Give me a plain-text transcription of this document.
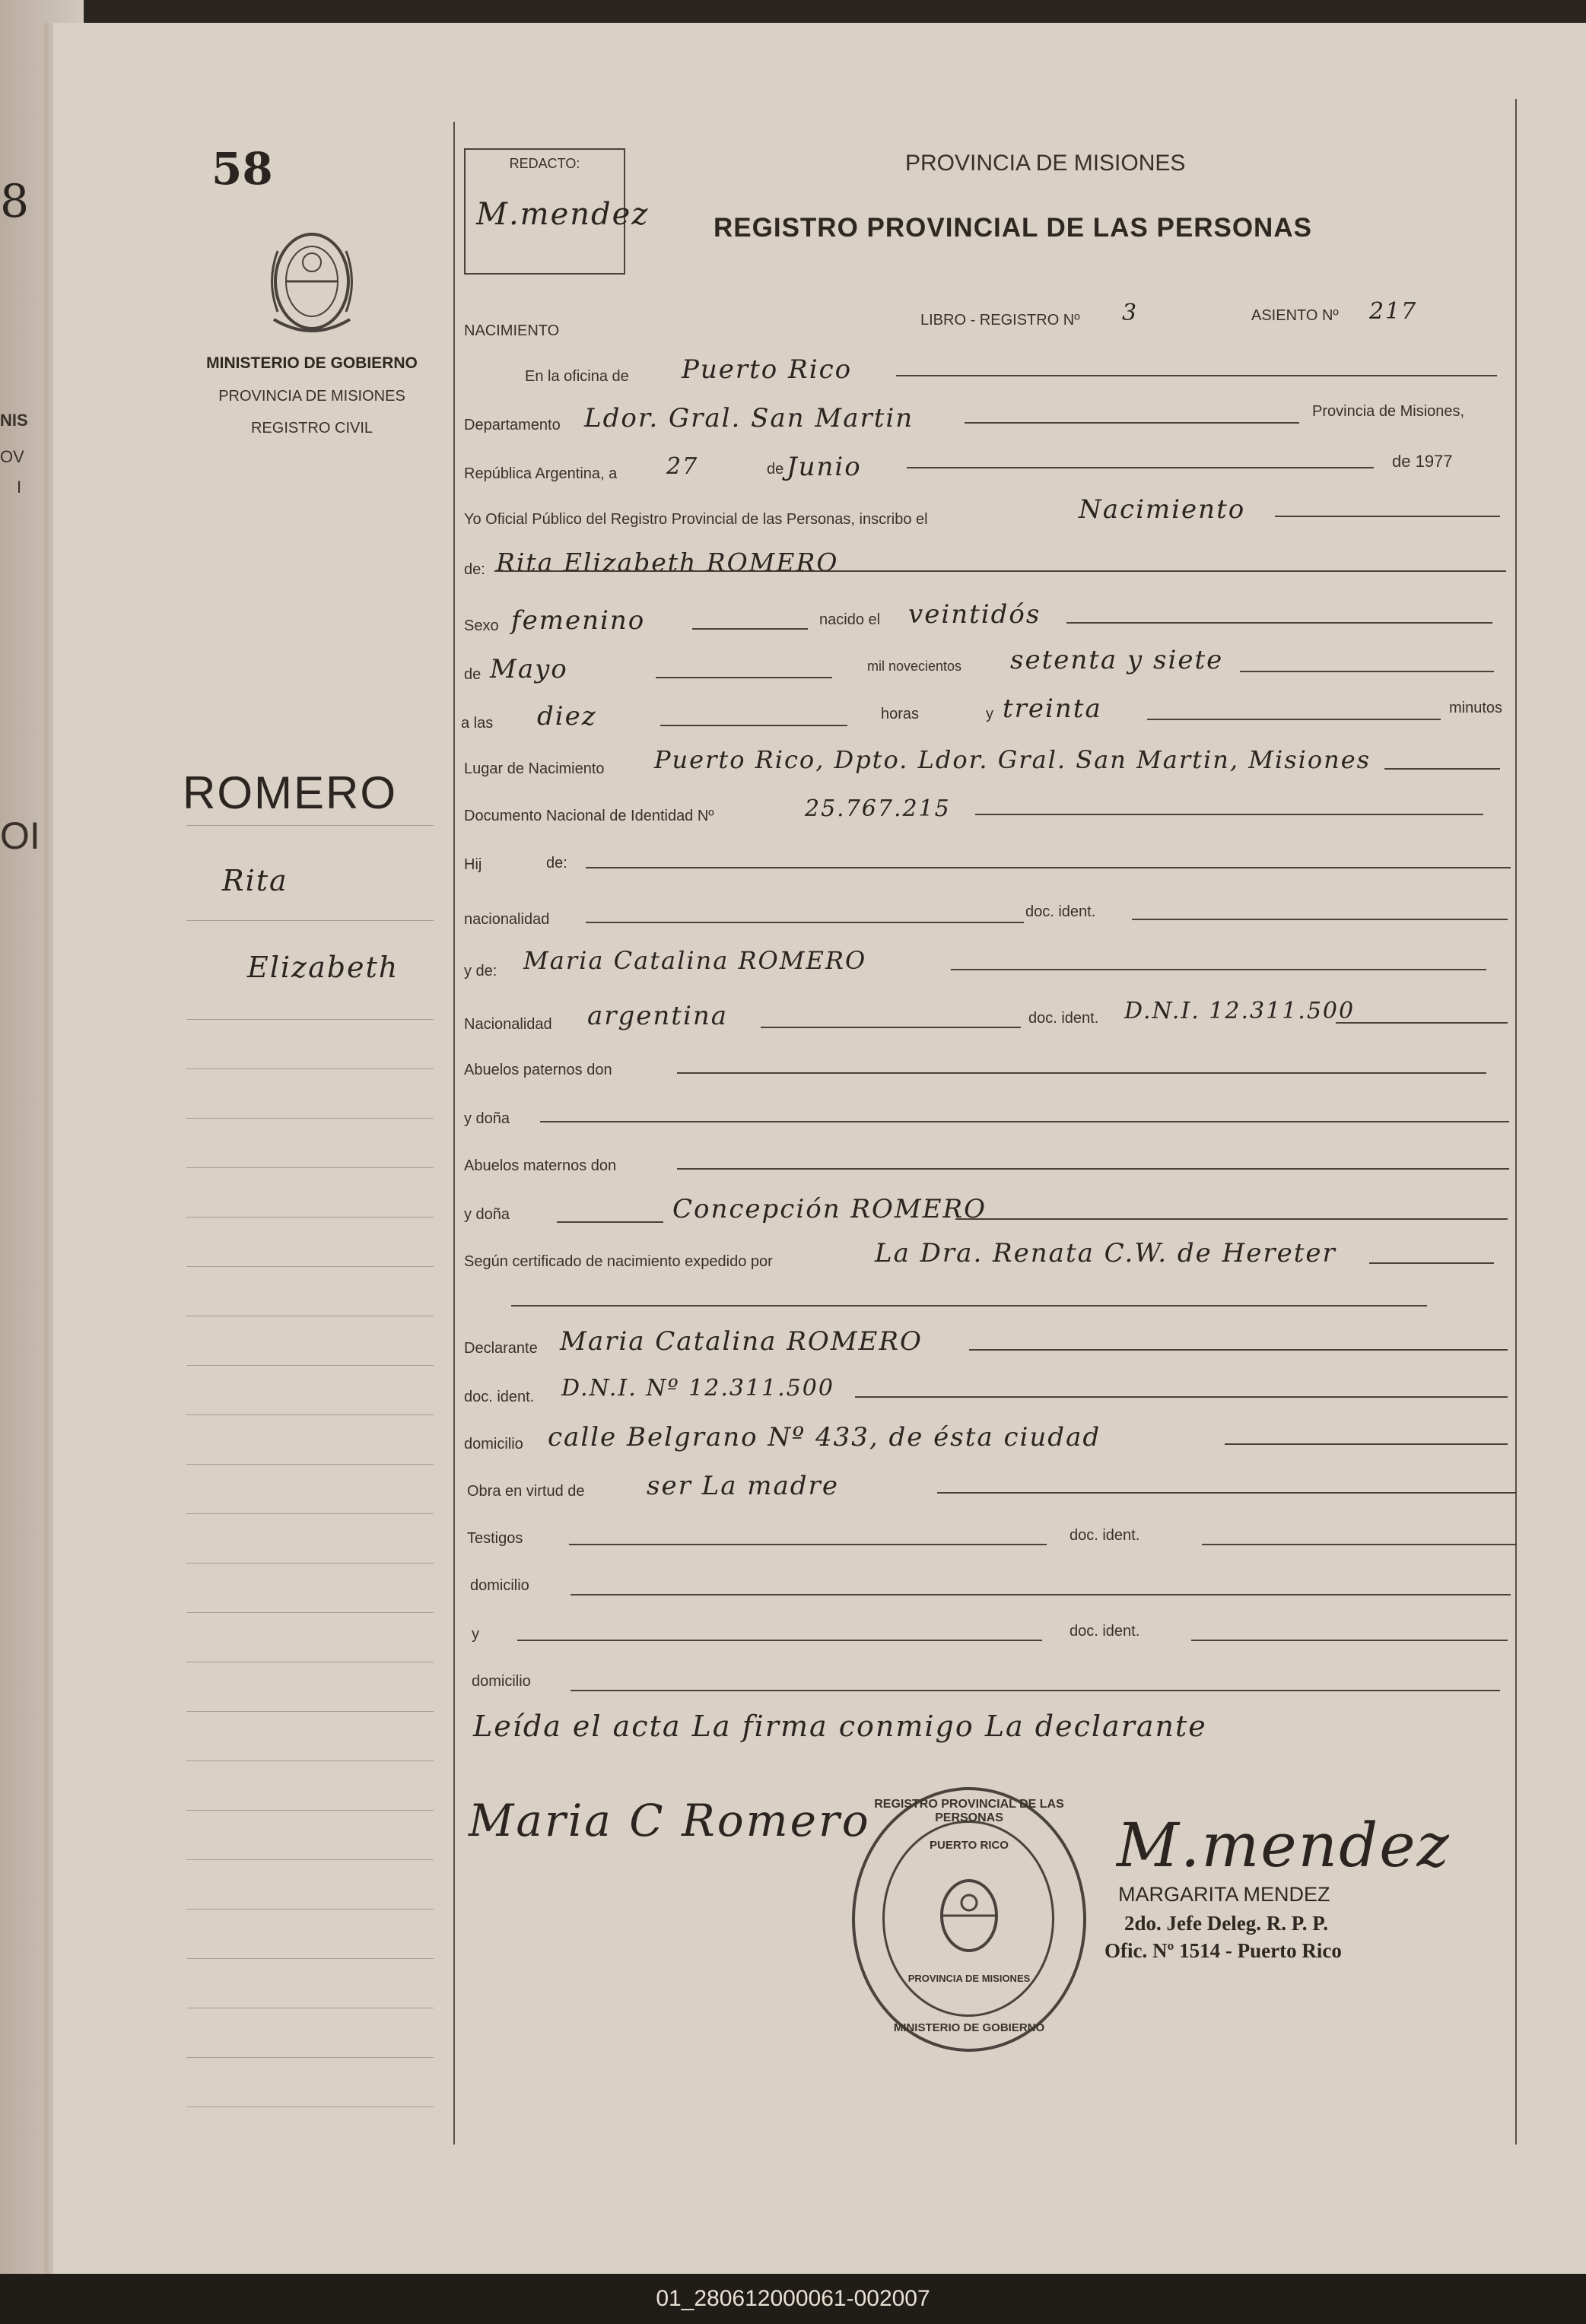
8
NIS
OV
I
OI
58
MINISTERIO DE GOBIERNO
PROVINCIA DE MISIONES
REGISTRO CIVIL
ROMERO
Rita
Elizabeth
REDACTO:
M.mendez
PROVINCIA DE MISIONES
REGISTRO PROVINCIAL DE LAS PERSONAS
NACIMIENTO
LIBRO - REGISTRO Nº 3	ASIENTO Nº 217
En la oficina de Puerto Rico
Departamento Ldor. Gral. San Martin	Provincia de Misiones,
República Argentina, a 27	de Junio	de 1977
Yo Oficial Público del Registro Provincial de las Personas, inscribo el	Nacimiento
de: Rita Elizabeth ROMERO
Sexo femenino	nacido el veintidós
de Mayo	mil novecientos setenta y siete
a las diez	horas	y treinta	minutos
Lugar de Nacimiento Puerto Rico, Dpto. Ldor. Gral. San Martin, Misiones
Documento Nacional de Identidad Nº	25.767.215
Hij	de:
nacionalidad	doc. ident.
y de: Maria Catalina ROMERO
Nacionalidad argentina	doc. ident. D.N.I. 12.311.500
Abuelos paternos don
y doña
Abuelos maternos don
y doña	Concepción ROMERO
Según certificado de nacimiento expedido por	La Dra. Renata C.W. de Hereter
Declarante Maria Catalina ROMERO
doc. ident. D.N.I. Nº 12.311.500
domicilio calle Belgrano Nº 433, de ésta ciudad
Obra en virtud de ser La madre
Testigos	doc. ident.
domicilio
y	doc. ident.
domicilio
Leída el acta La firma conmigo La declarante
Maria C Romero REGISTRO PROVINCIAL DE LAS PERSONAS
PUERTO RICO
PROVINCIA DE MISIONES
MINISTERIO DE GOBIERNO
M.mendez
MARGARITA MENDEZ
2do. Jefe Deleg. R. P. P.
Ofic. Nº 1514 - Puerto Rico
01_280612000061-002007
